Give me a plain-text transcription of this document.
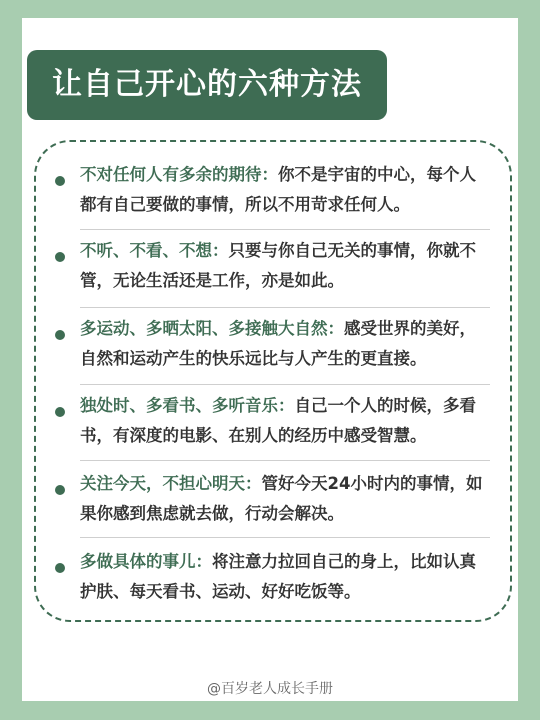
让自己开心的六种方法
不对任何人有多余的期待：你不是宇宙的中心，每个人都有自己要做的事情，所以不用苛求任何人。
不听、不看、不想：只要与你自己无关的事情，你就不管，无论生活还是工作，亦是如此。
多运动、多晒太阳、多接触大自然：感受世界的美好，自然和运动产生的快乐远比与人产生的更直接。
独处时、多看书、多听音乐：自己一个人的时候，多看书，有深度的电影、在别人的经历中感受智慧。
关注今天，不担心明天：管好今天24小时内的事情，如果你感到焦虑就去做，行动会解决。
多做具体的事儿：将注意力拉回自己的身上，比如认真护肤、每天看书、运动、好好吃饭等。
@百岁老人成长手册
